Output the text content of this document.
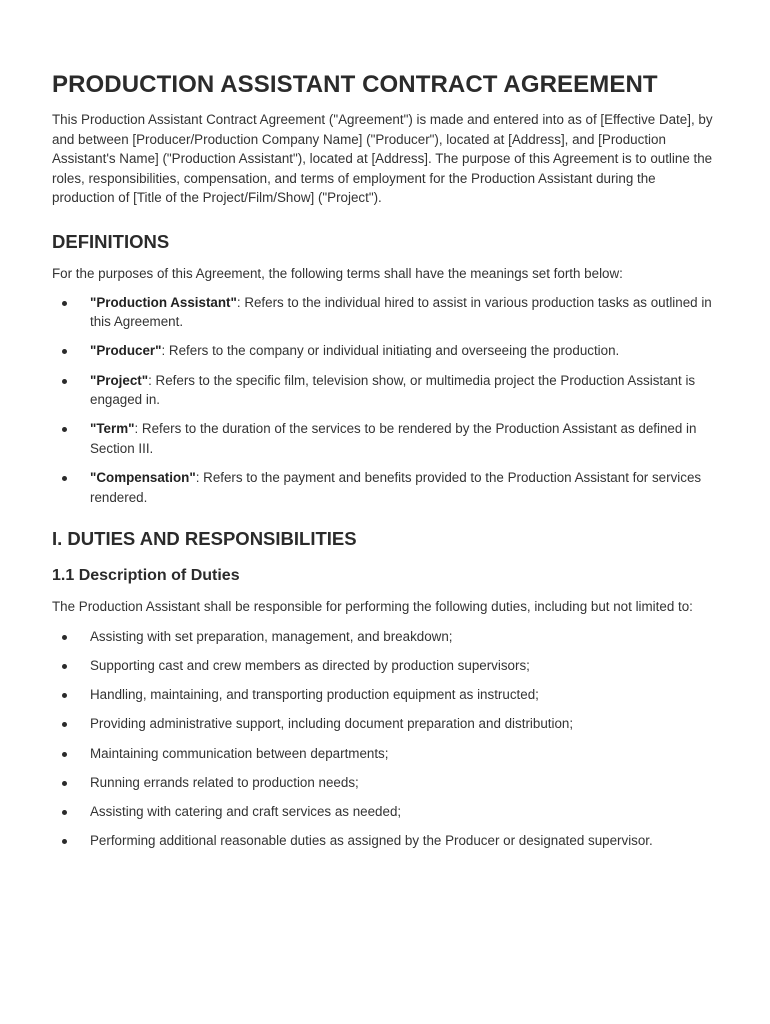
PRODUCTION ASSISTANT CONTRACT AGREEMENT

This Production Assistant Contract Agreement ("Agreement") is made and entered into as of [Effective Date], by and between [Producer/Production Company Name] ("Producer"), located at [Address], and [Production Assistant's Name] ("Production Assistant"), located at [Address]. The purpose of this Agreement is to outline the roles, responsibilities, compensation, and terms of employment for the Production Assistant during the production of [Title of the Project/Film/Show] ("Project").

DEFINITIONS

For the purposes of this Agreement, the following terms shall have the meanings set forth below:

"Production Assistant": Refers to the individual hired to assist in various production tasks as outlined in this Agreement.
"Producer": Refers to the company or individual initiating and overseeing the production.
"Project": Refers to the specific film, television show, or multimedia project the Production Assistant is engaged in.
"Term": Refers to the duration of the services to be rendered by the Production Assistant as defined in Section III.
"Compensation": Refers to the payment and benefits provided to the Production Assistant for services rendered.
I. DUTIES AND RESPONSIBILITIES
1.1 Description of Duties

The Production Assistant shall be responsible for performing the following duties, including but not limited to:

Assisting with set preparation, management, and breakdown;
Supporting cast and crew members as directed by production supervisors;
Handling, maintaining, and transporting production equipment as instructed;
Providing administrative support, including document preparation and distribution;
Maintaining communication between departments;
Running errands related to production needs;
Assisting with catering and craft services as needed;
Performing additional reasonable duties as assigned by the Producer or designated supervisor.
